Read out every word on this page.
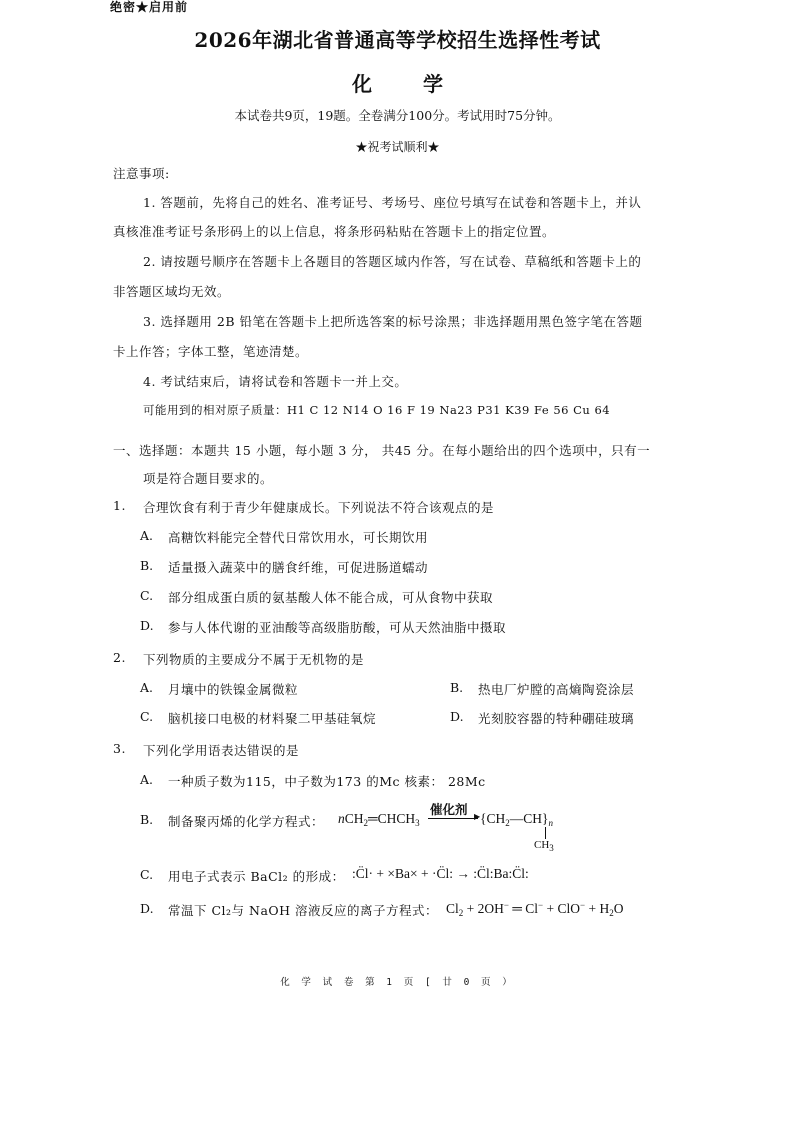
绝密★启用前
2026年湖北省普通高等学校招生选择性考试
化 学
本试卷共9页，19题。全卷满分100分。考试用时75分钟。
★祝考试顺利★
注意事项:
1. 答题前，先将自己的姓名、准考证号、考场号、座位号填写在试卷和答题卡上，并认
真核准准考证号条形码上的以上信息，将条形码粘贴在答题卡上的指定位置。
2. 请按题号顺序在答题卡上各题目的答题区域内作答，写在试卷、草稿纸和答题卡上的
非答题区域均无效。
3. 选择题用 2B 铅笔在答题卡上把所选答案的标号涂黑；非选择题用黑色签字笔在答题
卡上作答；字体工整，笔迹清楚。
4. 考试结束后，请将试卷和答题卡一并上交。
可能用到的相对原子质量：H1 C 12 N14 O 16 F 19 Na23 P31 K39 Fe 56 Cu 64
一、选择题：本题共 15 小题，每小题 3 分， 共45 分。在每小题给出的四个选项中，只有一
项是符合题目要求的。
1. 合理饮食有利于青少年健康成长。下列说法不符合该观点的是
A. 高糖饮料能完全替代日常饮用水，可长期饮用
B. 适量摄入蔬菜中的膳食纤维，可促进肠道蠕动
C. 部分组成蛋白质的氨基酸人体不能合成，可从食物中获取
D. 参与人体代谢的亚油酸等高级脂肪酸，可从天然油脂中摄取
2. 下列物质的主要成分不属于无机物的是
A. 月壤中的铁镍金属微粒	B. 热电厂炉膛的高熵陶瓷涂层
C. 脑机接口电极的材料聚二甲基硅氧烷	D. 光刻胶容器的特种硼硅玻璃
3. 下列化学用语表达错误的是
A. 一种质子数为115，中子数为173 的Mc 核素： 28Mc
B. 制备聚丙烯的化学方程式： $nCH_2═CHCH_3$
催化剂 ▶ $\{CH_2—CH\}_n$
$CH_3$
C. 用电子式表示 BaCl₂ 的形成： :C̈l· + ×Ba× + ·C̈l: → :C̈l:Ba:C̈l:
D. 常温下 Cl₂与 NaOH 溶液反应的离子方程式： $Cl_2 + 2OH^-$ ═ $Cl^- + ClO^- + H_2O$
化 学 试 卷 第 1 页 [ 廿 0 页 ）
